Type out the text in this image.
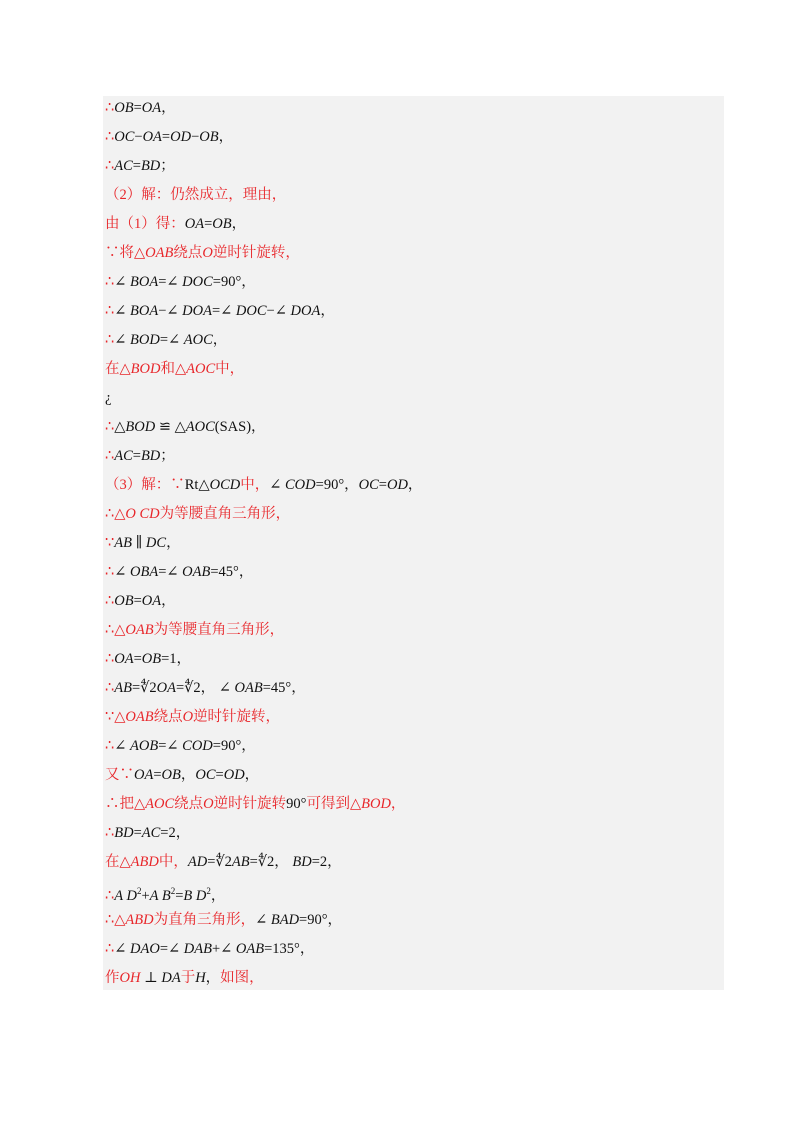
∴OB=OA，
∴OC−OA=OD−OB，
∴AC=BD；
（2）解：仍然成立，理由，
由（1）得：OA=OB，
∵将△OAB绕点O逆时针旋转，
∴∠ BOA=∠ DOC=90°，
∴∠ BOA−∠ DOA=∠ DOC−∠ DOA，
∴∠ BOD=∠ AOC，
在△BOD和△AOC中，
¿
∴△BOD ≌ △AOC(SAS)，
∴AC=BD；
（3）解：∵Rt△OCD中，∠ COD=90°，OC=OD，
∴△O CD为等腰直角三角形，
∵AB ∥ DC，
∴∠ OBA=∠ OAB=45°，
∴OB=OA，
∴△OAB为等腰直角三角形，
∴OA=OB=1，
∴AB=∜2OA=∜2， ∠ OAB=45°，
∵△OAB绕点O逆时针旋转，
∴∠ AOB=∠ COD=90°，
又∵OA=OB，OC=OD，
∴把△AOC绕点O逆时针旋转90°可得到△BOD，
∴BD=AC=2，
在△ABD中，AD=∜2AB=∜2， BD=2，
∴A $D^2+A$ $B^2=B$ $D^2$，
∴△ABD为直角三角形，∠ BAD=90°，
∴∠ DAO=∠ DAB+∠ OAB=135°，
作OH ⊥ DA于H，如图，
